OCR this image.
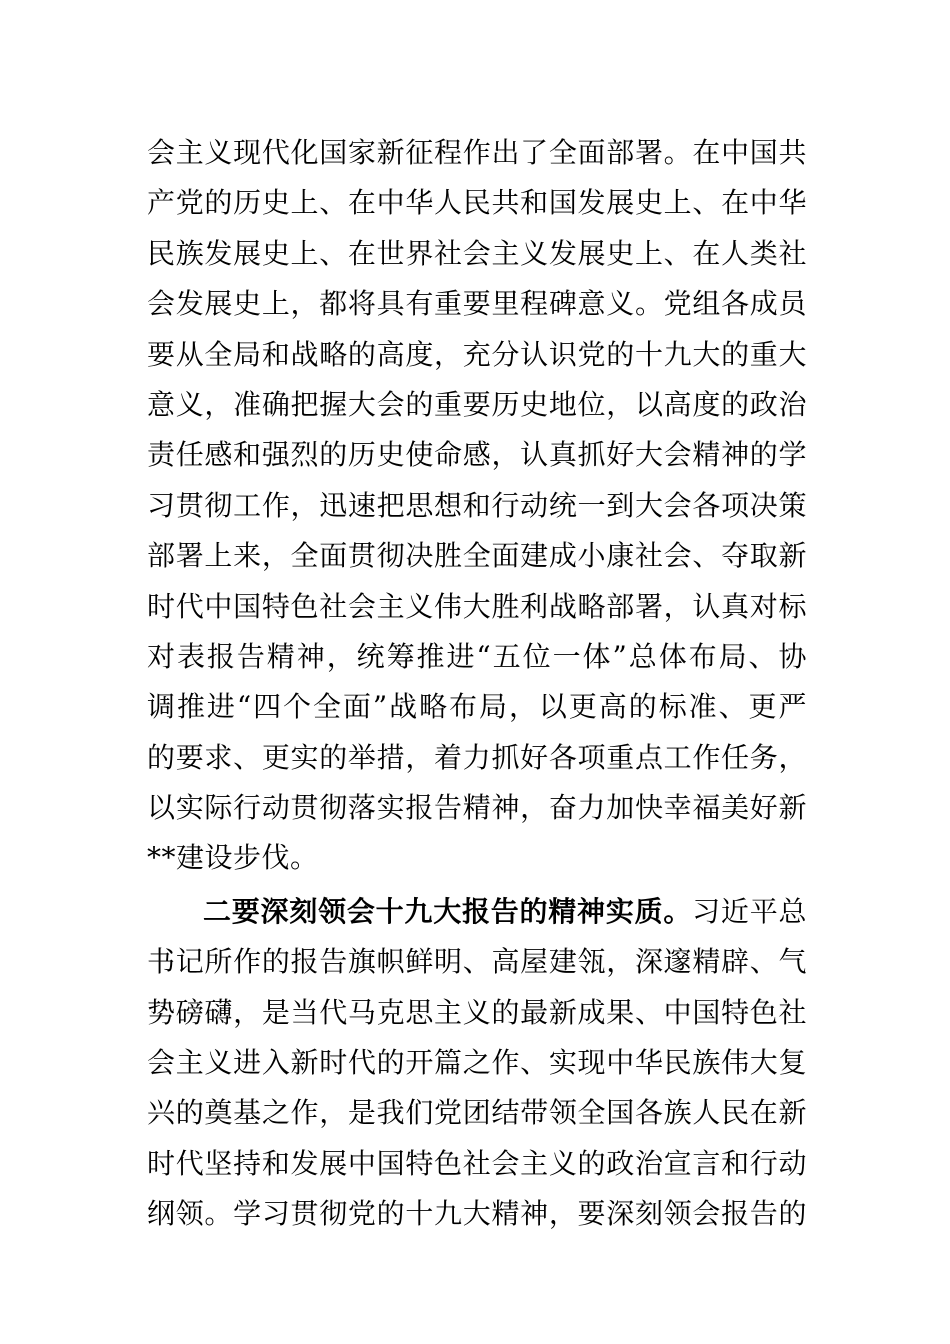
会主义现代化国家新征程作出了全面部署。在中国共
产党的历史上、在中华人民共和国发展史上、在中华
民族发展史上、在世界社会主义发展史上、在人类社
会发展史上，都将具有重要里程碑意义。党组各成员
要从全局和战略的高度，充分认识党的十九大的重大
意义，准确把握大会的重要历史地位，以高度的政治
责任感和强烈的历史使命感，认真抓好大会精神的学
习贯彻工作，迅速把思想和行动统一到大会各项决策
部署上来，全面贯彻决胜全面建成小康社会、夺取新
时代中国特色社会主义伟大胜利战略部署，认真对标
对表报告精神，统筹推进“五位一体”总体布局、协
调推进“四个全面”战略布局，以更高的标准、更严
的要求、更实的举措，着力抓好各项重点工作任务，
以实际行动贯彻落实报告精神，奋力加快幸福美好新
**建设步伐。
二要深刻领会十九大报告的精神实质。习近平总
书记所作的报告旗帜鲜明、高屋建瓴，深邃精辟、气
势磅礴，是当代马克思主义的最新成果、中国特色社
会主义进入新时代的开篇之作、实现中华民族伟大复
兴的奠基之作，是我们党团结带领全国各族人民在新
时代坚持和发展中国特色社会主义的政治宣言和行动
纲领。学习贯彻党的十九大精神，要深刻领会报告的
